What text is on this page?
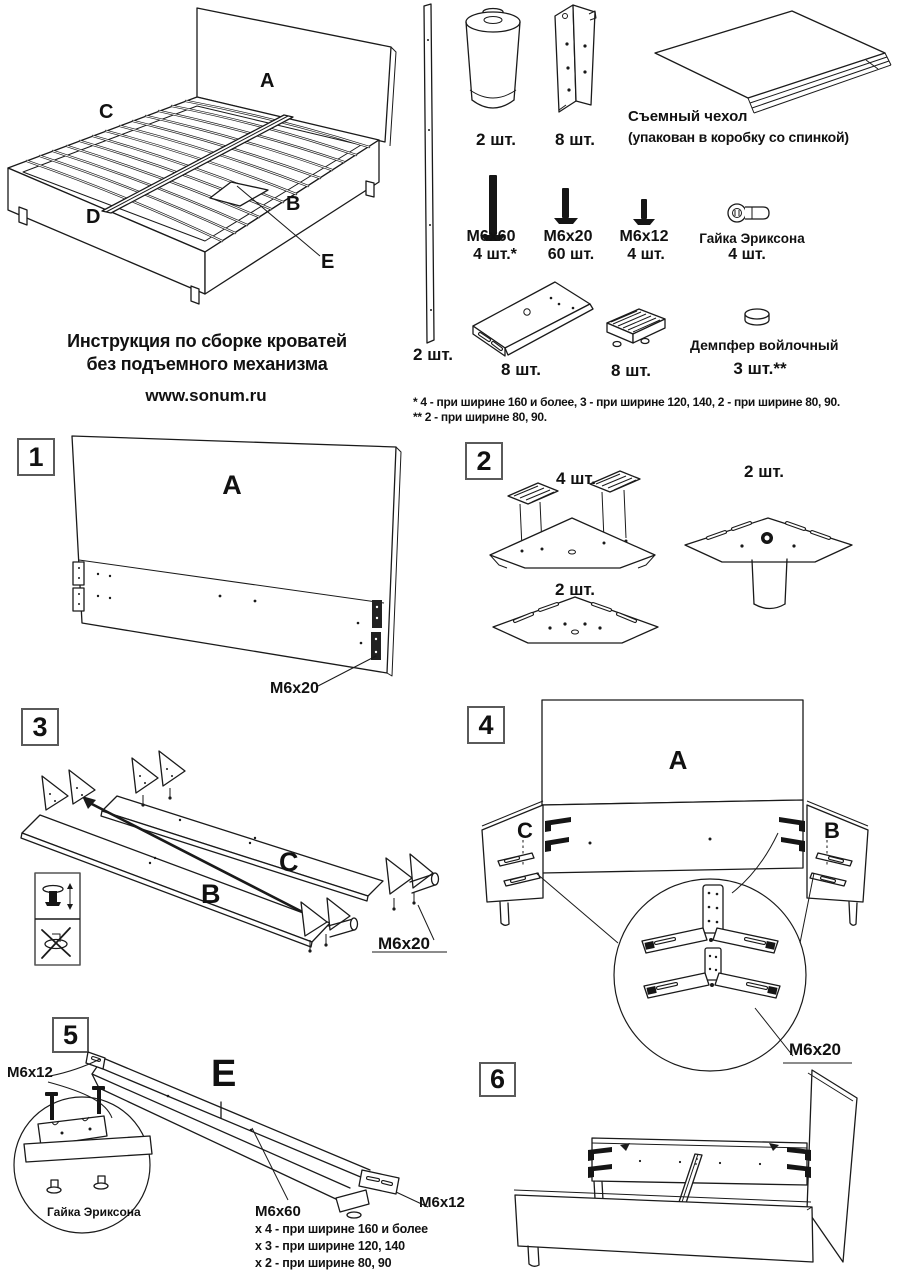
A
C
D
B
E
Инструкция по сборке кроватей
без подъемного механизма
www.sonum.ru
2 шт.
2 шт. 8 шт.
Съемный чехол
(упакован в коробку со спинкой)
M6x60
4 шт.*
M6x20
60 шт.
M6x12
4 шт.
Гайка Эриксона
4 шт.
8 шт.	8 шт.
Демпфер войлочный
3 шт.**
* 4 - при ширине 160 и более, 3 - при ширине 120, 140, 2 - при ширине 80, 90.
** 2 - при ширине 80, 90.
1
A
M6x20
2
4 шт.
2 шт.
2 шт.
3
C
B
M6x20
4
A
C	B
M6x20
5
M6x12	E
Гайка Эриксона
M6x12
M6x60
x 4 - при ширине 160 и более
x 3 - при ширине 120, 140
x 2 - при ширине 80, 90
6
